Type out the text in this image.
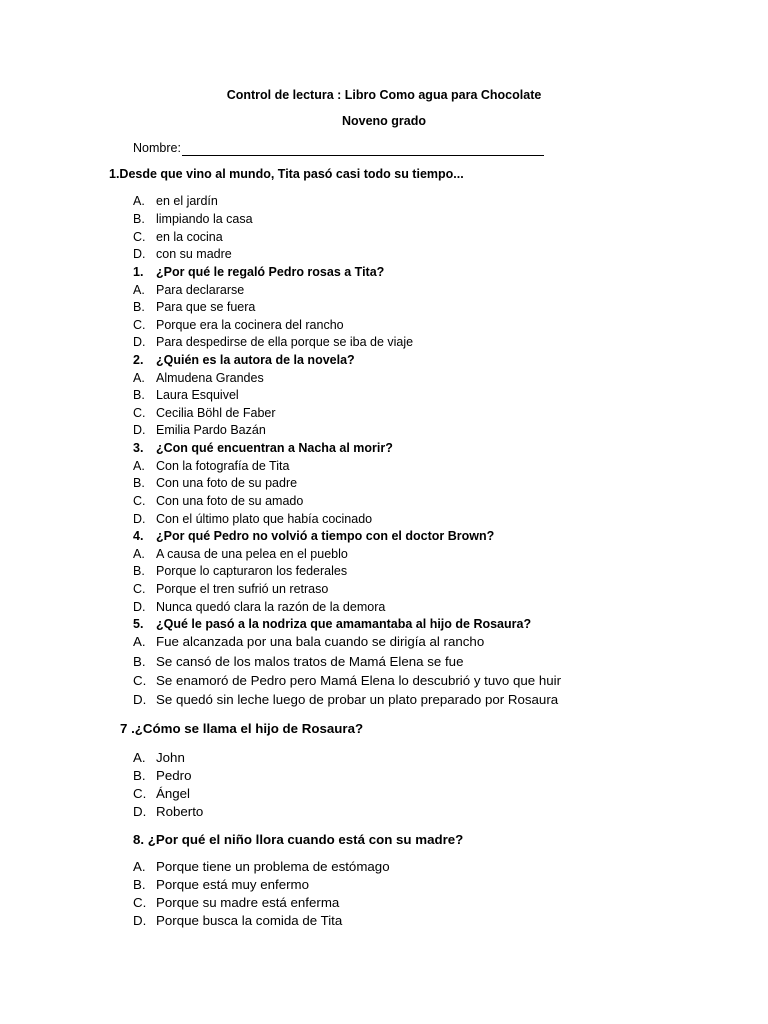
Control de lectura : Libro Como agua para Chocolate
Noveno grado
Nombre:
1.Desde que vino al mundo, Tita pasó casi todo su tiempo...
A. en el jardín
B. limpiando la casa
C. en la cocina
D. con su madre
1. ¿Por qué le regaló Pedro rosas a Tita?
A. Para declararse
B. Para que se fuera
C. Porque era la cocinera del rancho
D. Para despedirse de ella porque se iba de viaje
2. ¿Quién es la autora de la novela?
A. Almudena Grandes
B. Laura Esquivel
C. Cecilia Böhl de Faber
D. Emilia Pardo Bazán
3. ¿Con qué encuentran a Nacha al morir?
A. Con la fotografía de Tita
B. Con una foto de su padre
C. Con una foto de su amado
D. Con el último plato que había cocinado
4. ¿Por qué Pedro no volvió a tiempo con el doctor Brown?
A. A causa de una pelea en el pueblo
B. Porque lo capturaron los federales
C. Porque el tren sufrió un retraso
D. Nunca quedó clara la razón de la demora
5. ¿Qué le pasó a la nodriza que amamantaba al hijo de Rosaura?
A. Fue alcanzada por una bala cuando se dirigía al rancho
B. Se cansó de los malos tratos de Mamá Elena se fue
C. Se enamoró de Pedro pero Mamá Elena lo descubrió y tuvo que huir
D. Se quedó sin leche luego de probar un plato preparado por Rosaura
7 .¿Cómo se llama el hijo de Rosaura?
A. John
B. Pedro
C. Ángel
D. Roberto
8. ¿Por qué el niño llora cuando está con su madre?
A. Porque tiene un problema de estómago
B. Porque está muy enfermo
C. Porque su madre está enferma
D. Porque busca la comida de Tita
